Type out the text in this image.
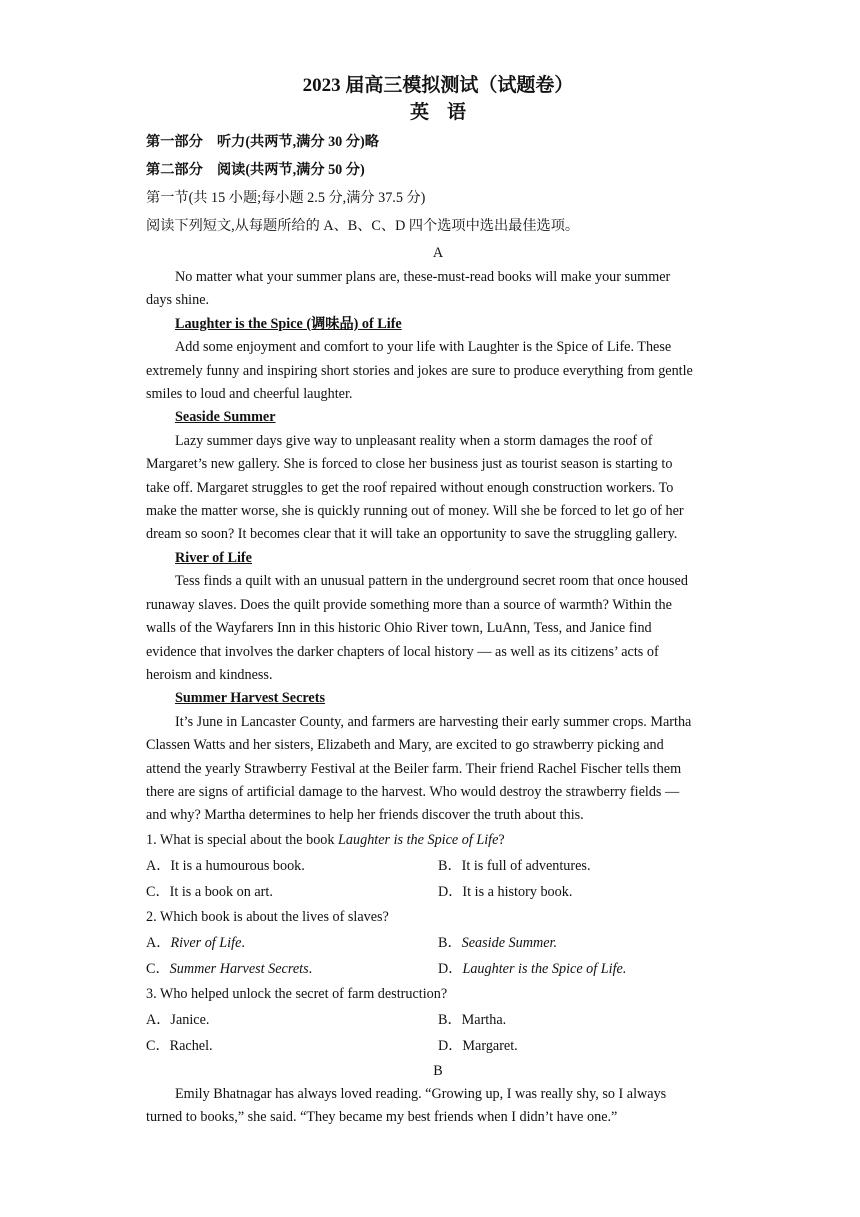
2023 届高三模拟测试（试题卷）

英语

第一部分    听力(共两节,满分 30 分)略

第二部分    阅读(共两节,满分 50 分)

第一节(共 15 小题;每小题 2.5 分,满分 37.5 分)

阅读下列短文,从每题所给的 A、B、C、D 四个选项中选出最佳选项。

A

No matter what your summer plans are, these-must-read books will make your summer
days shine.

Laughter is the Spice (调味品) of Life

Add some enjoyment and comfort to your life with Laughter is the Spice of Life. These
extremely funny and inspiring short stories and jokes are sure to produce everything from gentle
smiles to loud and cheerful laughter.

Seaside Summer

Lazy summer days give way to unpleasant reality when a storm damages the roof of
Margaret’s new gallery. She is forced to close her business just as tourist season is starting to
take off. Margaret struggles to get the roof repaired without enough construction workers. To
make the matter worse, she is quickly running out of money. Will she be forced to let go of her
dream so soon? It becomes clear that it will take an opportunity to save the struggling gallery.

River of Life

Tess finds a quilt with an unusual pattern in the underground secret room that once housed
runaway slaves. Does the quilt provide something more than a source of warmth? Within the
walls of the Wayfarers Inn in this historic Ohio River town, LuAnn, Tess, and Janice find
evidence that involves the darker chapters of local history — as well as its citizens’ acts of
heroism and kindness.

Summer Harvest Secrets

It’s June in Lancaster County, and farmers are harvesting their early summer crops. Martha
Classen Watts and her sisters, Elizabeth and Mary, are excited to go strawberry picking and
attend the yearly Strawberry Festival at the Beiler farm. Their friend Rachel Fischer tells them
there are signs of artificial damage to the harvest. Who would destroy the strawberry fields —
and why? Martha determines to help her friends discover the truth about this.

1. What is special about the book Laughter is the Spice of Life?

A．It is a humourous book.	B．It is full of adventures.
C．It is a book on art.	D．It is a history book.

2. Which book is about the lives of slaves?

A．River of Life.	B．Seaside Summer.
C．Summer Harvest Secrets.	D．Laughter is the Spice of Life.

3. Who helped unlock the secret of farm destruction?

A．Janice.	B．Martha.
C．Rachel.	D．Margaret.

B

Emily Bhatnagar has always loved reading. “Growing up, I was really shy, so I always
turned to books,” she said. “They became my best friends when I didn’t have one.”
